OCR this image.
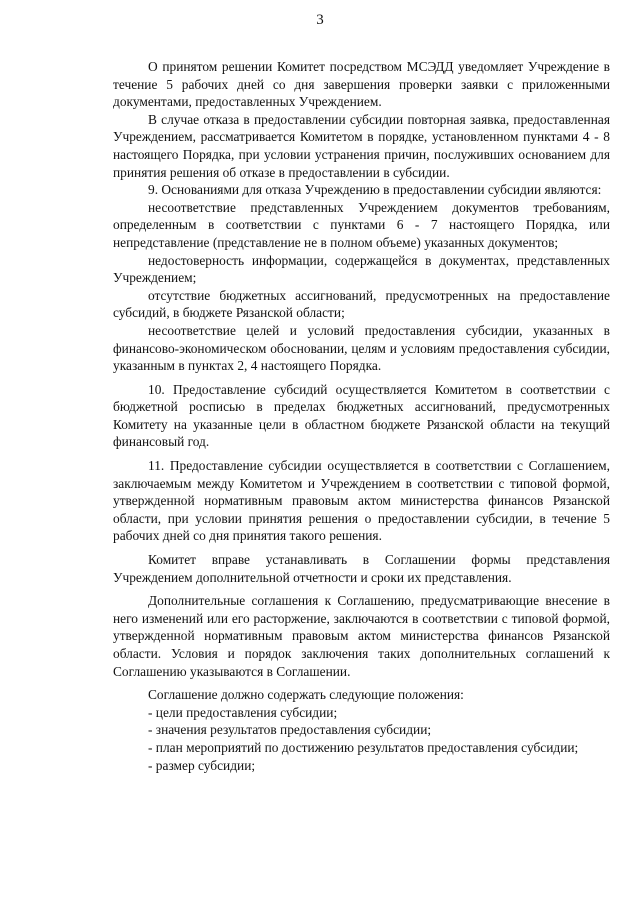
3

О принятом решении Комитет посредством МСЭДД уведомляет Учреждение в течение 5 рабочих дней со дня завершения проверки заявки с приложенными документами, предоставленных Учреждением.

В случае отказа в предоставлении субсидии повторная заявка, предоставленная Учреждением, рассматривается Комитетом в порядке, установленном пунктами 4 - 8 настоящего Порядка, при условии устранения причин, послуживших основанием для принятия решения об отказе в предоставлении в субсидии.

9. Основаниями для отказа Учреждению в предоставлении субсидии являются:

несоответствие представленных Учреждением документов требованиям, определенным в соответствии с пунктами 6 - 7 настоящего Порядка, или непредставление (представление не в полном объеме) указанных документов;

недостоверность информации, содержащейся в документах, представленных Учреждением;

отсутствие бюджетных ассигнований, предусмотренных на предоставление субсидий, в бюджете Рязанской области;

несоответствие целей и условий предоставления субсидии, указанных в финансово-экономическом обосновании, целям и условиям предоставления субсидии, указанным в пунктах 2, 4 настоящего Порядка.

10. Предоставление субсидий осуществляется Комитетом в соответствии с бюджетной росписью в пределах бюджетных ассигнований, предусмотренных Комитету на указанные цели в областном бюджете Рязанской области на текущий финансовый год.

11. Предоставление субсидии осуществляется в соответствии с Соглашением, заключаемым между Комитетом и Учреждением в соответствии с типовой формой, утвержденной нормативным правовым актом министерства финансов Рязанской области, при условии принятия решения о предоставлении субсидии, в течение 5 рабочих дней со дня принятия такого решения.

Комитет вправе устанавливать в Соглашении формы представления Учреждением дополнительной отчетности и сроки их представления.

Дополнительные соглашения к Соглашению, предусматривающие внесение в него изменений или его расторжение, заключаются в соответствии с типовой формой, утвержденной нормативным правовым актом министерства финансов Рязанской области. Условия и порядок заключения таких дополнительных соглашений к Соглашению указываются в Соглашении.

Соглашение должно содержать следующие положения:

- цели предоставления субсидии;

- значения результатов предоставления субсидии;

- план мероприятий по достижению результатов предоставления субсидии;

- размер субсидии;
